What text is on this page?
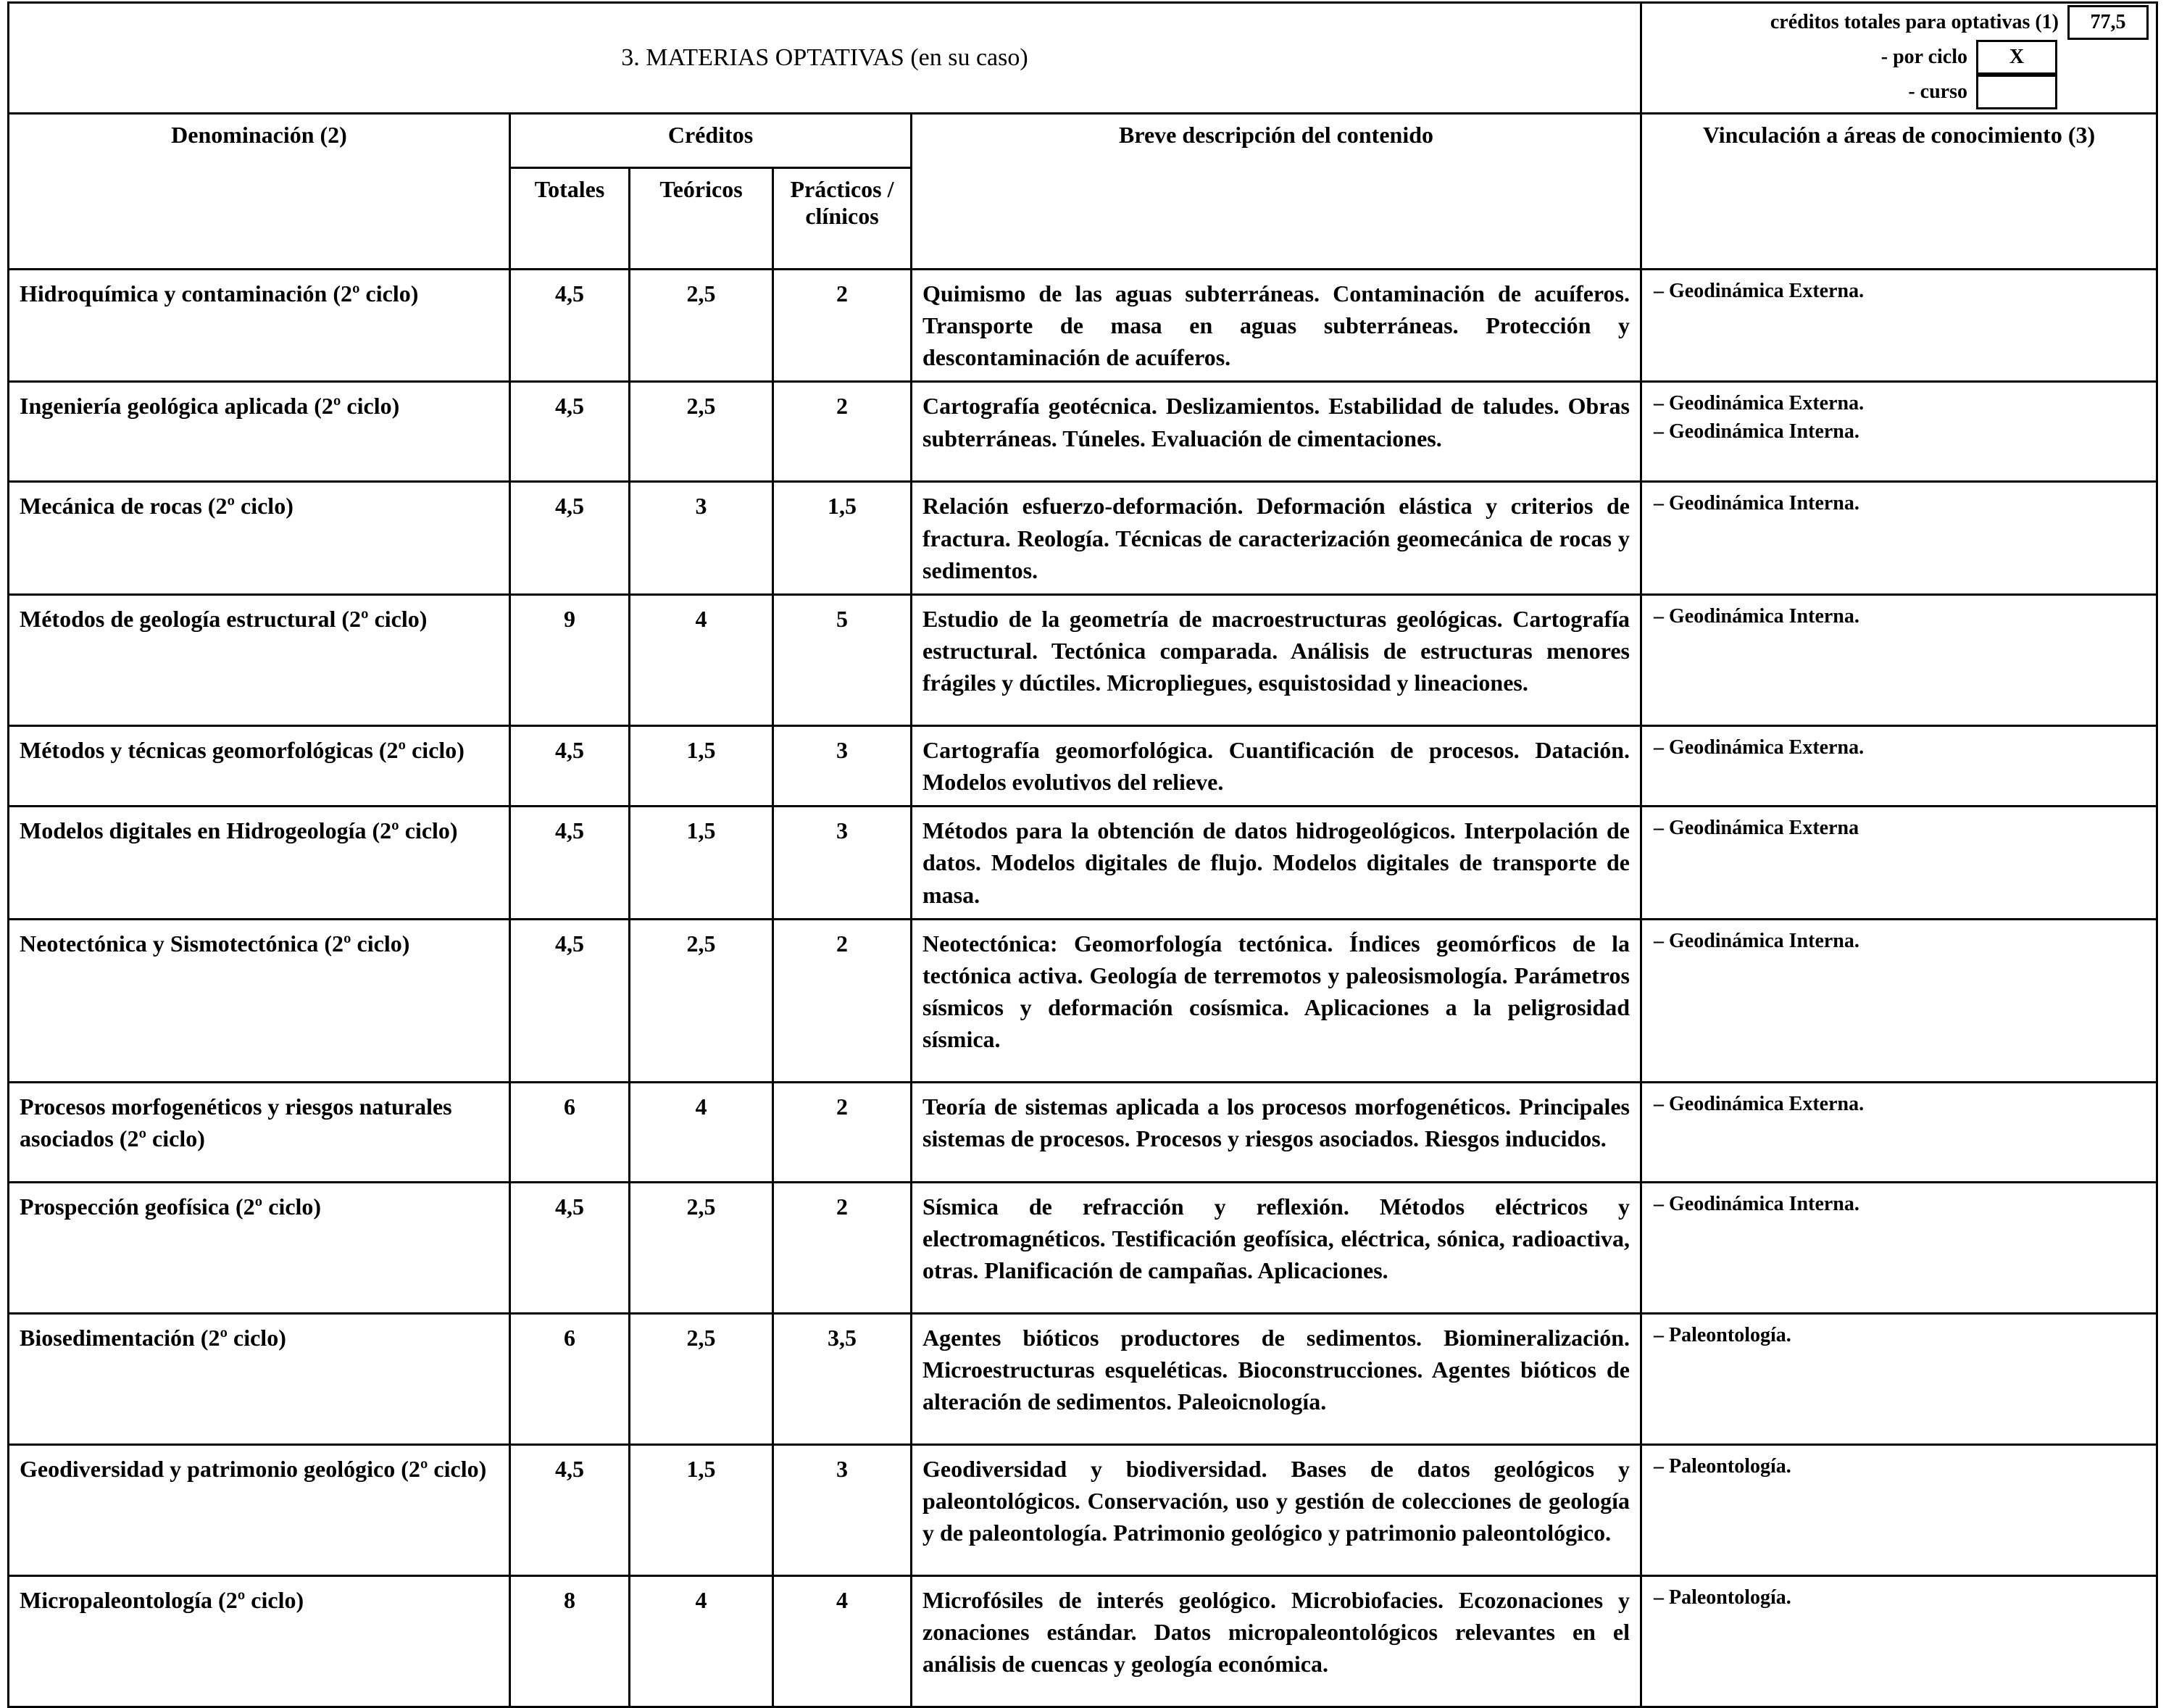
3. MATERIAS OPTATIVAS (en su caso)	
créditos totales para optativas (1)	77,5
- por ciclo	X
- curso
Denominación (2)	Créditos			Breve descripción del contenido	Vinculación a áreas de conocimiento (3)
	Totales	Teóricos	Prácticos / clínicos		
Hidroquímica y contaminación (2º ciclo)	4,5	2,5	2	Quimismo de las aguas subterráneas. Contaminación de acuíferos. Transporte de masa en aguas subterráneas. Protección y descontaminación de acuíferos.	– Geodinámica Externa.

Ingeniería geológica aplicada (2º ciclo)	4,5	2,5	2	Cartografía geotécnica. Deslizamientos. Estabilidad de taludes. Obras subterráneas. Túneles. Evaluación de cimentaciones.	– Geodinámica Externa.
– Geodinámica Interna.

Mecánica de rocas (2º ciclo)	4,5	3	1,5	Relación esfuerzo-deformación. Deformación elástica y criterios de fractura. Reología. Técnicas de caracterización geomecánica de rocas y sedimentos.	– Geodinámica Interna.

Métodos de geología estructural (2º ciclo)	9	4	5	Estudio de la geometría de macroestructuras geológicas. Cartografía estructural. Tectónica comparada. Análisis de estructuras menores frágiles y dúctiles. Micropliegues, esquistosidad y lineaciones.	– Geodinámica Interna.

Métodos y técnicas geomorfológicas (2º ciclo)	4,5	1,5	3	Cartografía geomorfológica. Cuantificación de procesos. Datación. Modelos evolutivos del relieve.	– Geodinámica Externa.

Modelos digitales en Hidrogeología (2º ciclo)	4,5	1,5	3	Métodos para la obtención de datos hidrogeológicos. Interpolación de datos. Modelos digitales de flujo. Modelos digitales de transporte de masa.	– Geodinámica Externa

Neotectónica y Sismotectónica (2º ciclo)	4,5	2,5	2	Neotectónica: Geomorfología tectónica. Índices geomórficos de la tectónica activa. Geología de terremotos y paleosismología. Parámetros sísmicos y deformación cosísmica. Aplicaciones a la peligrosidad sísmica.	– Geodinámica Interna.

Procesos morfogenéticos y riesgos naturales asociados (2º ciclo)	6	4	2	Teoría de sistemas aplicada a los procesos morfogenéticos. Principales sistemas de procesos. Procesos y riesgos asociados. Riesgos inducidos.	– Geodinámica Externa.

Prospección geofísica (2º ciclo)	4,5	2,5	2	Sísmica de refracción y reflexión. Métodos eléctricos y electromagnéticos. Testificación geofísica, eléctrica, sónica, radioactiva, otras. Planificación de campañas. Aplicaciones.	– Geodinámica Interna.

Biosedimentación (2º ciclo)	6	2,5	3,5	Agentes bióticos productores de sedimentos. Biomineralización. Microestructuras esqueléticas. Bioconstrucciones. Agentes bióticos de alteración de sedimentos. Paleoicnología.	– Paleontología.

Geodiversidad y patrimonio geológico (2º ciclo)	4,5	1,5	3	Geodiversidad y biodiversidad. Bases de datos geológicos y paleontológicos. Conservación, uso y gestión de colecciones de geología y de paleontología. Patrimonio geológico y patrimonio paleontológico.	– Paleontología.

Micropaleontología (2º ciclo)	8	4	4	Microfósiles de interés geológico. Microbiofacies. Ecozonaciones y zonaciones estándar. Datos micropaleontológicos relevantes en el análisis de cuencas y geología económica.	– Paleontología.
